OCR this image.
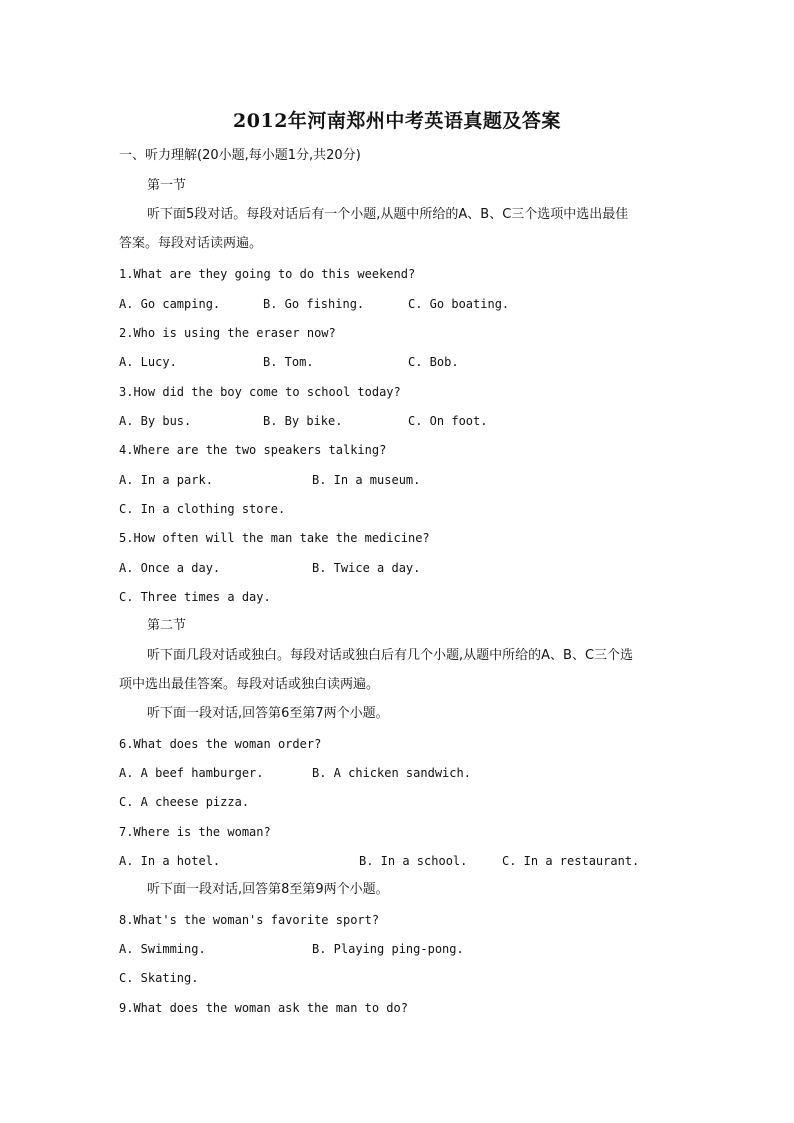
2012年河南郑州中考英语真题及答案
一、听力理解(20小题,每小题1分,共20分)
第一节
听下面5段对话。每段对话后有一个小题,从题中所给的A、B、C三个选项中选出最佳
答案。每段对话读两遍。
1.What are they going to do this weekend?
A. Go camping.	B. Go fishing.	C. Go boating.
2.Who is using the eraser now?
A. Lucy.	B. Tom.	C. Bob.
3.How did the boy come to school today?
A. By bus.	B. By bike.	C. On foot.
4.Where are the two speakers talking?
A. In a park.	B. In a museum.
C. In a clothing store.
5.How often will the man take the medicine?
A. Once a day.	B. Twice a day.
C. Three times a day.
第二节
听下面几段对话或独白。每段对话或独白后有几个小题,从题中所给的A、B、C三个选
项中选出最佳答案。每段对话或独白读两遍。
听下面一段对话,回答第6至第7两个小题。
6.What does the woman order?
A. A beef hamburger.	B. A chicken sandwich.
C. A cheese pizza.
7.Where is the woman?
A. In a hotel.	B. In a school.	C. In a restaurant.
听下面一段对话,回答第8至第9两个小题。
8.What's the woman's favorite sport?
A. Swimming.	B. Playing ping-pong.
C. Skating.
9.What does the woman ask the man to do?
